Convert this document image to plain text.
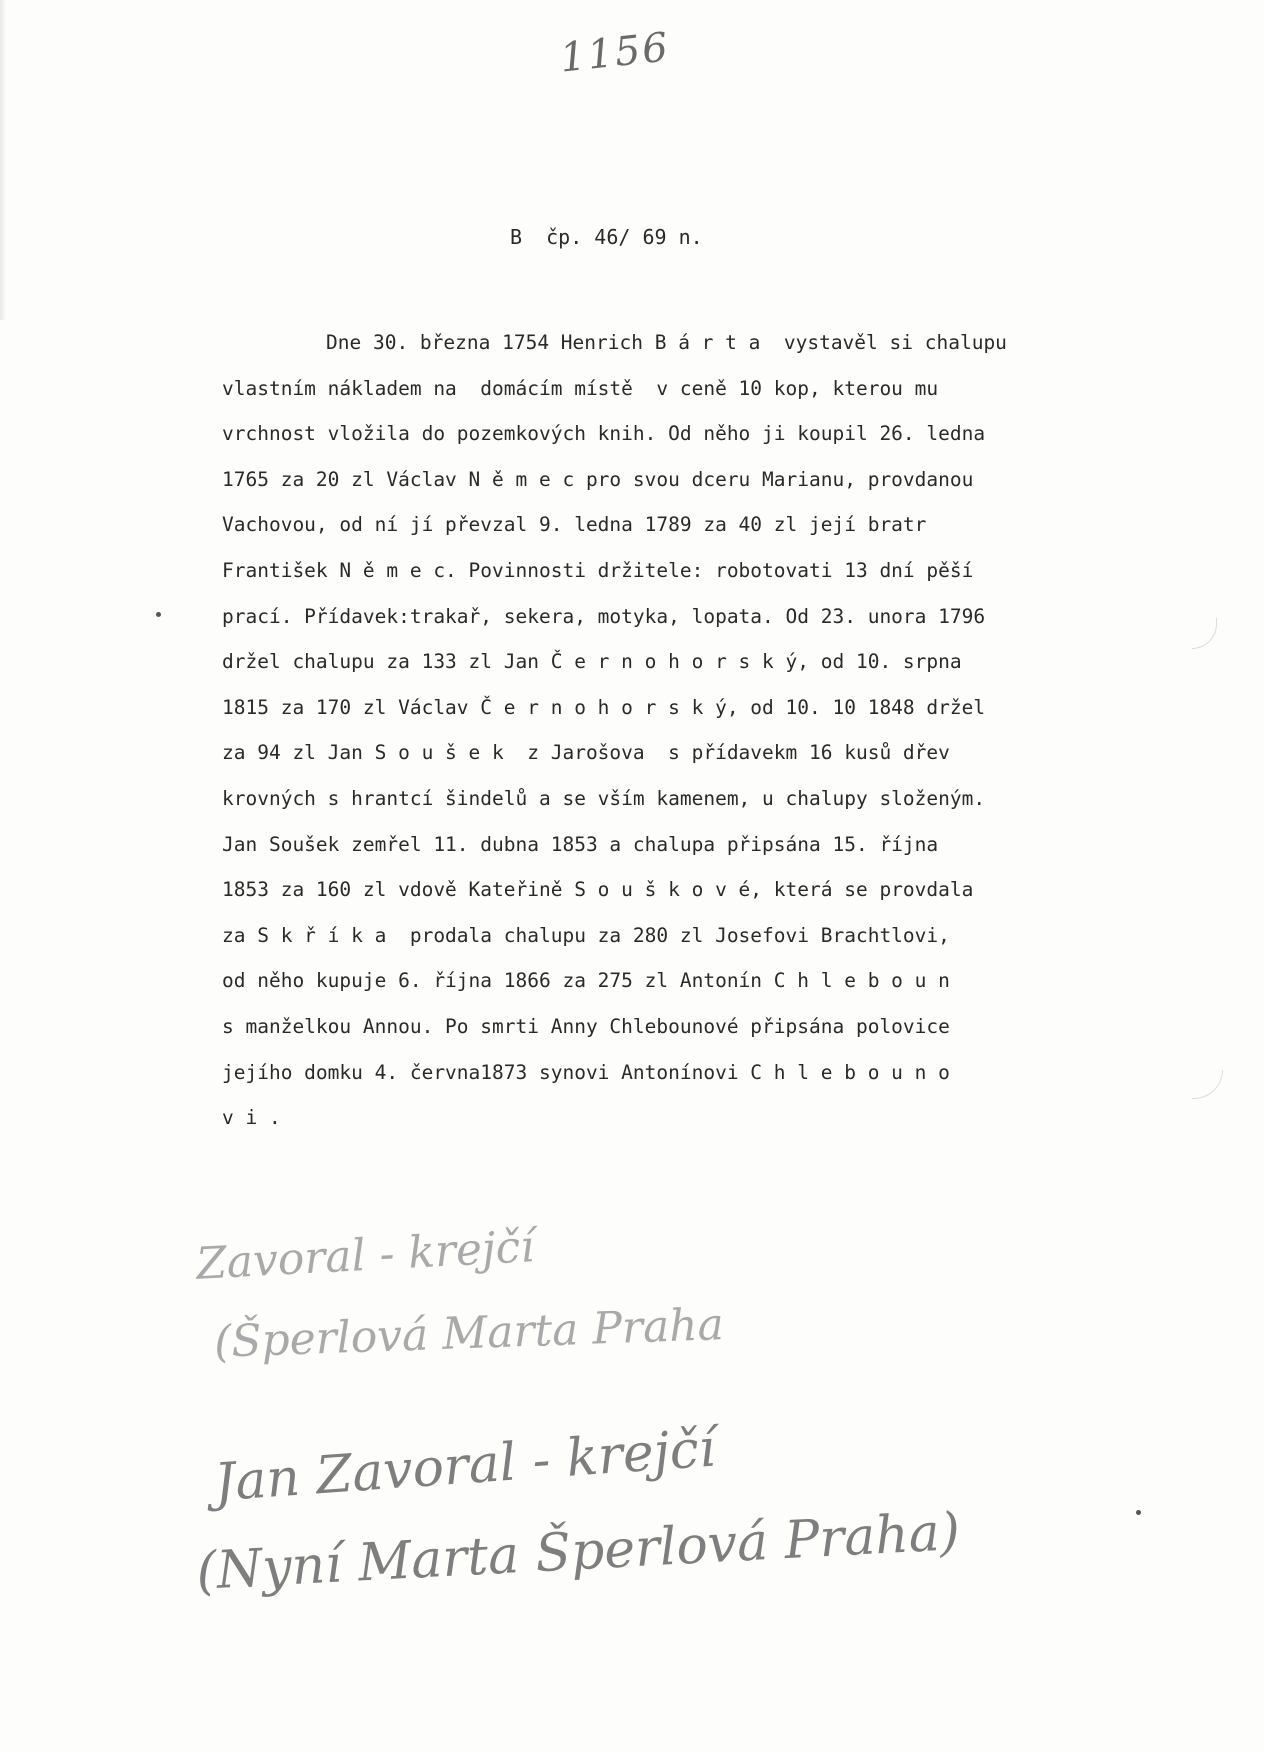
1156
B  čp. 46/ 69 n.
Dne 30. března 1754 Henrich B á r t a  vystavěl si chalupu
vlastním nákladem na  domácím místě  v ceně 10 kop, kterou mu
vrchnost vložila do pozemkových knih. Od něho ji koupil 26. ledna
1765 za 20 zl Václav N ě m e c pro svou dceru Marianu, provdanou
Vachovou, od ní jí převzal 9. ledna 1789 za 40 zl její bratr
František N ě m e c. Povinnosti držitele: robotovati 13 dní pěší
prací. Přídavek:trakař, sekera, motyka, lopata. Od 23. unora 1796
držel chalupu za 133 zl Jan Č e r n o h o r s k ý, od 10. srpna
1815 za 170 zl Václav Č e r n o h o r s k ý, od 10. 10 1848 držel
za 94 zl Jan S o u š e k  z Jarošova  s přídavekm 16 kusů dřev
krovných s hrantcí šindelů a se vším kamenem, u chalupy složeným.
Jan Soušek zemřel 11. dubna 1853 a chalupa připsána 15. října
1853 za 160 zl vdově Kateřině S o u š k o v é, která se provdala
za S k ř í k a  prodala chalupu za 280 zl Josefovi Brachtlovi,
od něho kupuje 6. října 1866 za 275 zl Antonín C h l e b o u n
s manželkou Annou. Po smrti Anny Chlebounové připsána polovice
jejího domku 4. června1873 synovi Antonínovi C h l e b o u n o
v i .
Zavoral - krejčí
(Šperlová Marta Praha
Jan Zavoral - krejčí
(Nyní Marta Šperlová Praha)
